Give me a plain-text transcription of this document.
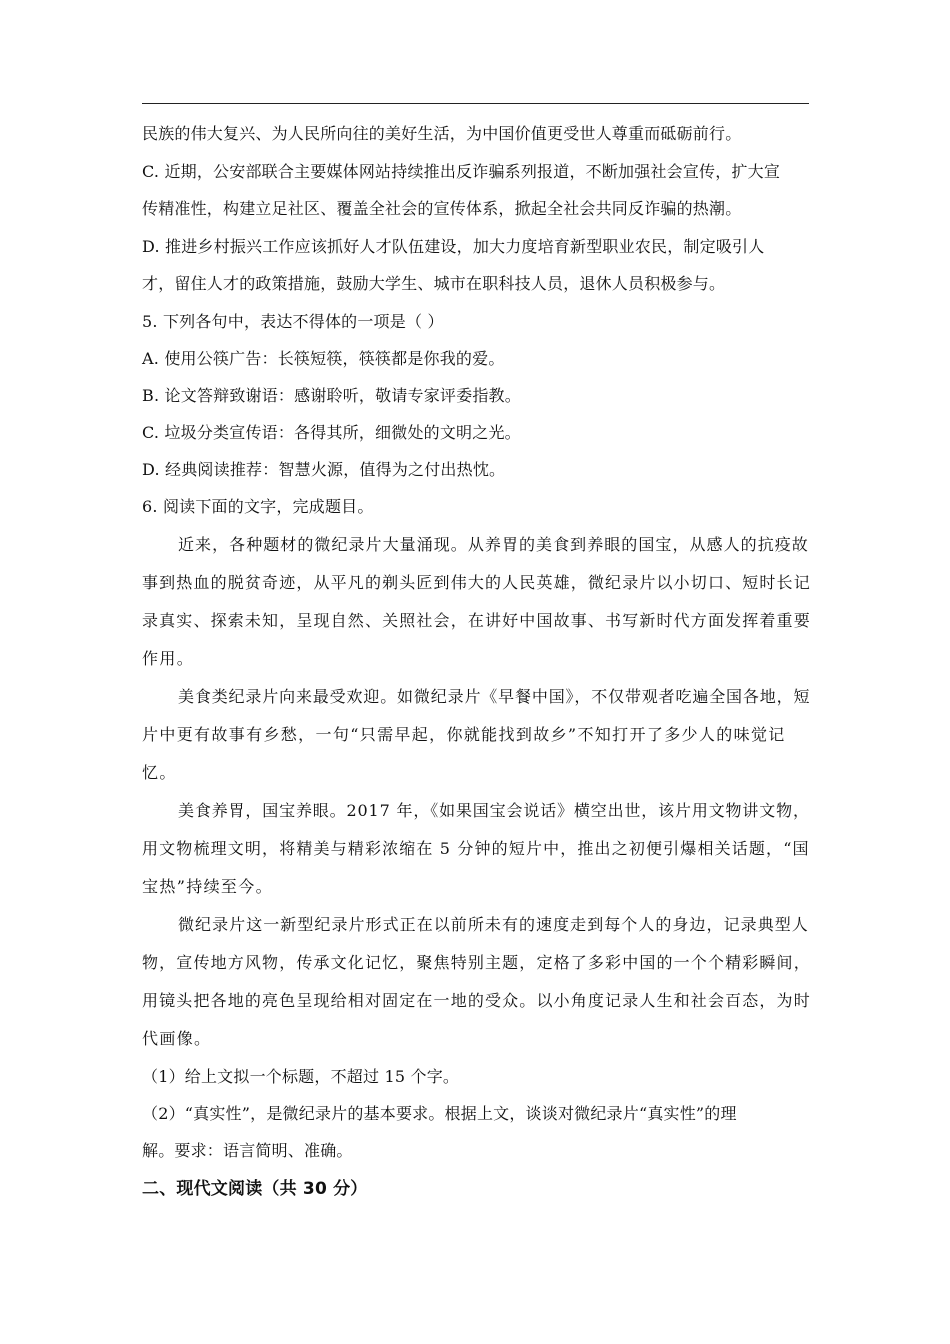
民族的伟大复兴、为人民所向往的美好生活，为中国价值更受世人尊重而砥砺前行。
C. 近期，公安部联合主要媒体网站持续推出反诈骗系列报道，不断加强社会宣传，扩大宣
传精准性，构建立足社区、覆盖全社会的宣传体系，掀起全社会共同反诈骗的热潮。
D. 推进乡村振兴工作应该抓好人才队伍建设，加大力度培育新型职业农民，制定吸引人
才，留住人才的政策措施，鼓励大学生、城市在职科技人员，退休人员积极参与。
5. 下列各句中，表达不得体的一项是（ ）
A. 使用公筷广告：长筷短筷，筷筷都是你我的爱。
B. 论文答辩致谢语：感谢聆听，敬请专家评委指教。
C. 垃圾分类宣传语：各得其所，细微处的文明之光。
D. 经典阅读推荐：智慧火源，值得为之付出热忱。
6. 阅读下面的文字，完成题目。
近来，各种题材的微纪录片大量涌现。从养胃的美食到养眼的国宝，从感人的抗疫故
事到热血的脱贫奇迹，从平凡的剃头匠到伟大的人民英雄，微纪录片以小切口、短时长记
录真实、探索未知，呈现自然、关照社会，在讲好中国故事、书写新时代方面发挥着重要
作用。
美食类纪录片向来最受欢迎。如微纪录片《早餐中国》，不仅带观者吃遍全国各地，短
片中更有故事有乡愁，一句“只需早起，你就能找到故乡”不知打开了多少人的味觉记
忆。
美食养胃，国宝养眼。2017 年，《如果国宝会说话》横空出世，该片用文物讲文物，
用文物梳理文明，将精美与精彩浓缩在 5 分钟的短片中，推出之初便引爆相关话题，“国
宝热”持续至今。
微纪录片这一新型纪录片形式正在以前所未有的速度走到每个人的身边，记录典型人
物，宣传地方风物，传承文化记忆，聚焦特别主题，定格了多彩中国的一个个精彩瞬间，
用镜头把各地的亮色呈现给相对固定在一地的受众。以小角度记录人生和社会百态，为时
代画像。
（1）给上文拟一个标题，不超过 15 个字。
（2）“真实性”，是微纪录片的基本要求。根据上文，谈谈对微纪录片“真实性”的理
解。要求：语言简明、准确。
二、现代文阅读（共 30 分）
